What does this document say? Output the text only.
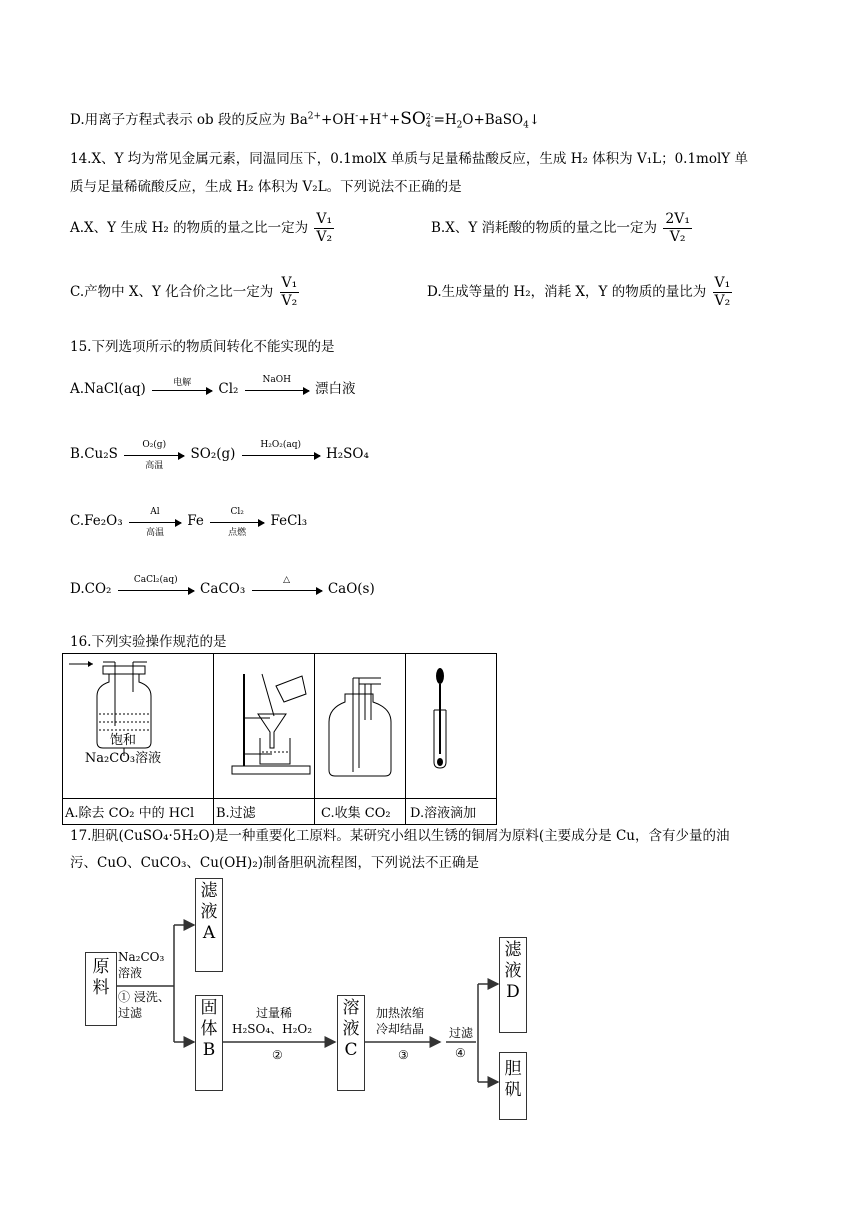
D.用离子方程式表示 ob 段的反应为 $Ba^{2+}+OH^-+H^++SO$ 2-
$4 =H_2O+BaSO_4↓$
14.X、Y 均为常见金属元素，同温同压下，0.1molX 单质与足量稀盐酸反应，生成 H₂ 体积为 V₁L；0.1molY 单
质与足量稀硫酸反应，生成 H₂ 体积为 V₂L。下列说法不正确的是
A.X、Y 生成 H₂ 的物质的量之比一定为 $\frac{\text{V₁}}{\text{V₂}}$	B.X、Y 消耗酸的物质的量之比一定为 $\frac{\text{2V₁}}{\text{V₂}}$
C.产物中 X、Y 化合价之比一定为 $\frac{\text{V₁}}{\text{V₂}}$	D.生成等量的 H₂，消耗 X，Y 的物质的量比为 $\frac{\text{V₁}}{\text{V₂}}$
15.下列选项所示的物质间转化不能实现的是
A.NaCl(aq)	电解	Cl₂
NaOH
漂白液
B.Cu₂S
O₂(g)
高温
SO₂(g)
H₂O₂(aq)
H₂SO₄
C.Fe₂O₃
Al
高温
Fe
Cl₂
点燃
FeCl₃
D.CO₂
CaCl₂(aq)
CaCO₃
△
CaO(s)
16.下列实验操作规范的是
饱和
Na₂CO₃溶液

A.除去 CO₂ 中的 HCl	B.过滤	C.收集 CO₂	D.溶液滴加
17.胆矾(CuSO₄·5H₂O)是一种重要化工原料。某研究小组以生锈的铜屑为原料(主要成分是 Cu，含有少量的油
污、CuO、CuCO₃、Cu(OH)₂)制备胆矾流程图，下列说法不正确是
原
料
滤
液
A
固
体
B
溶
液
C
滤
液
D
胆
矾
Na₂CO₃
溶液
① 浸洗、
过滤	过量稀
H₂SO₄、H₂O₂
②
加热浓缩
冷却结晶
③
过滤
④
